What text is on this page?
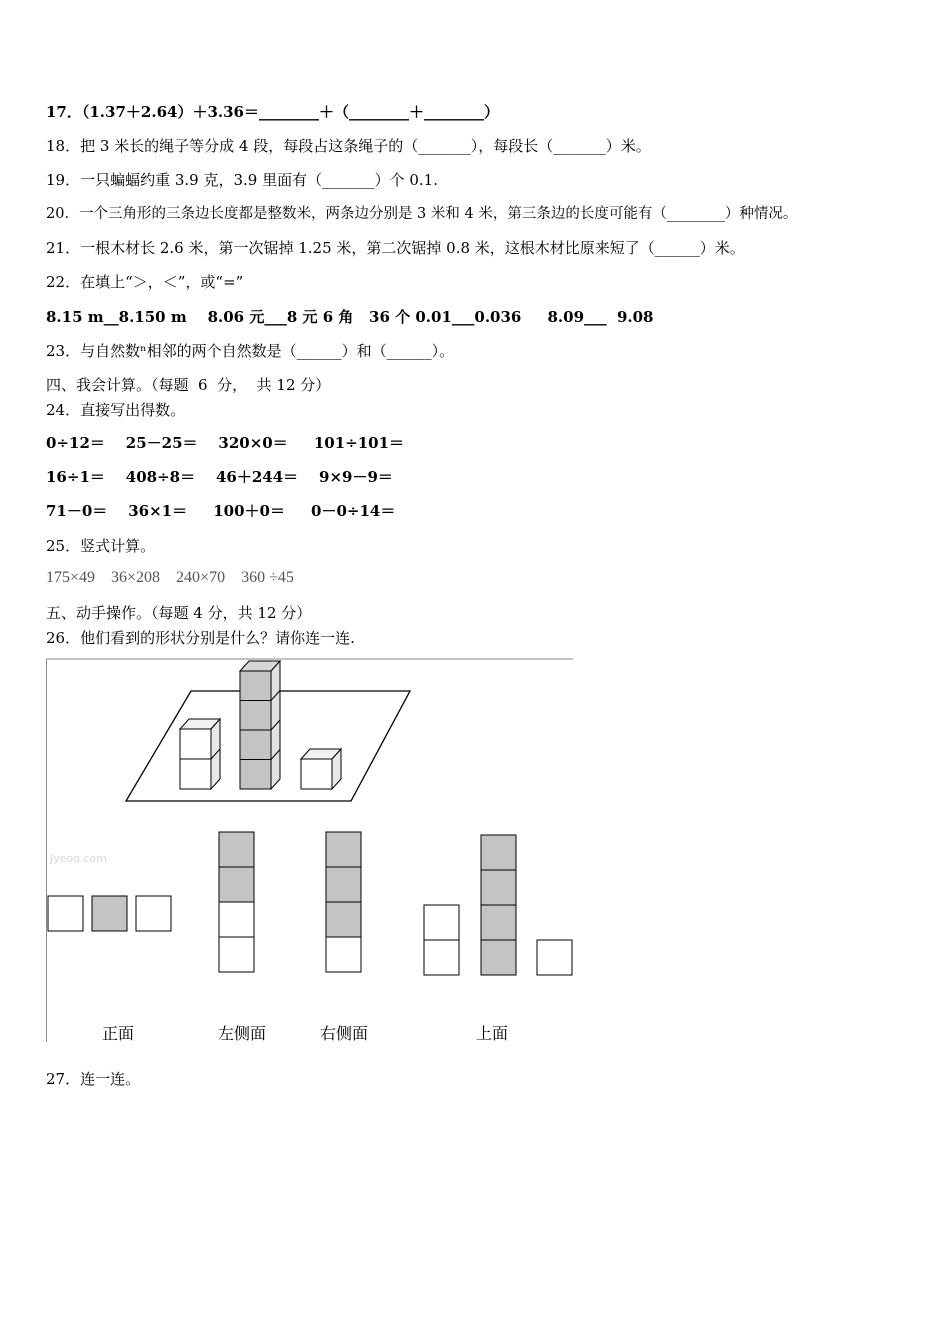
17．（1.37＋2.64）＋3.36＝________＋（________＋________）
18．把 3 米长的绳子等分成 4 段，每段占这条绳子的（_______），每段长（_______）米。
19．一只蝙蝠约重 3.9 克，3.9 里面有（_______）个 0.1.
20．一个三角形的三条边长度都是整数米，两条边分别是 3 米和 4 米，第三条边的长度可能有（________）种情况。
21．一根木材长 2.6 米，第一次锯掉 1.25 米，第二次锯掉 0.8 米，这根木材比原来短了（______）米。
22．在填上“＞，＜”，或“=”
8.15 m__8.150 m    8.06 元___8 元 6 角   36 个 0.01___0.036     8.09___  9.08
23．与自然数ⁿ相邻的两个自然数是（______）和（______）。
四、我会计算。（每题  6  分，  共 12 分）
24．直接写出得数。
0÷12＝    25－25＝    320×0＝     101÷101＝
16÷1＝    408÷8＝    46＋244＝    9×9－9＝
71－0＝    36×1＝     100＋0＝     0－0÷14＝
25．竖式计算。
175×49    36×208    240×70    360 ÷45
五、动手操作。（每题 4 分，共 12 分）
26．他们看到的形状分别是什么？请你连一连.
Jyeoo.com
正面	左侧面	右侧面	上面
27．连一连。
